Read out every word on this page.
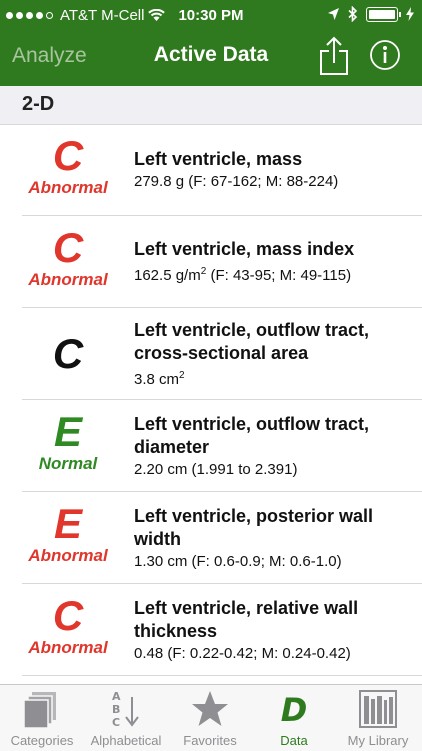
AT&T M-Cell	10:30 PM
Analyze	Active Data
2-D
C
Abnormal
Left ventricle, mass
279.8 g (F: 67-162; M: 88-224)
C
Abnormal
Left ventricle, mass index
162.5 $g/m^2$ (F: 43-95; M: 49-115)
C
Left ventricle, outflow tract, cross-sectional area
3.8 $cm^2$
E
Normal
Left ventricle, outflow tract, diameter
2.20 cm (1.991 to 2.391)
E
Abnormal
Left ventricle, posterior wall width
1.30 cm (F: 0.6-0.9; M: 0.6-1.0)
C
Abnormal
Left ventricle, relative wall thickness
0.48 (F: 0.22-0.42; M: 0.24-0.42)
Categories
A
B
C
Alphabetical	Favorites
D
Data	My Library
